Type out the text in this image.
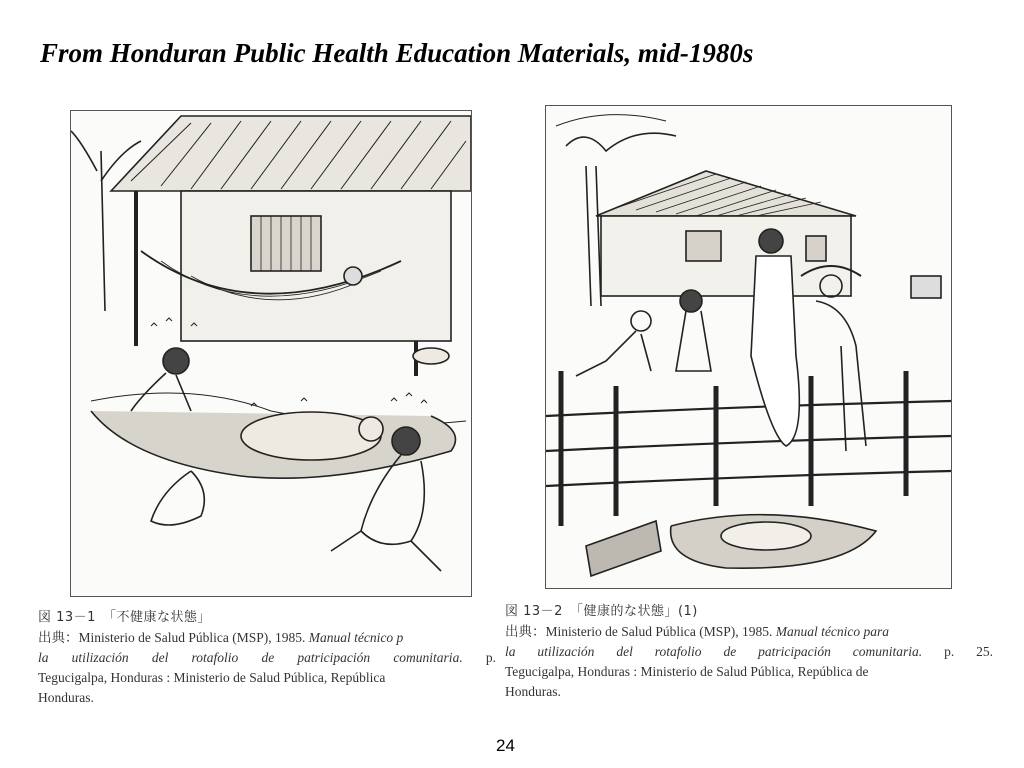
From Honduran Public Health Education Materials, mid-1980s
図 13－1　「不健康な状態」
出典：Ministerio de Salud Pública (MSP), 1985. Manual técnico p
la utilización del rotafolio de patricipación comunitaria. p.
Tegucigalpa, Honduras : Ministerio de Salud Pública, República
Honduras.
図 13－2　「健康的な状態」(1)
出典：Ministerio de Salud Pública (MSP), 1985. Manual técnico para
la utilización del rotafolio de patricipación comunitaria. p. 25.
Tegucigalpa, Honduras : Ministerio de Salud Pública, República de
Honduras.
24
